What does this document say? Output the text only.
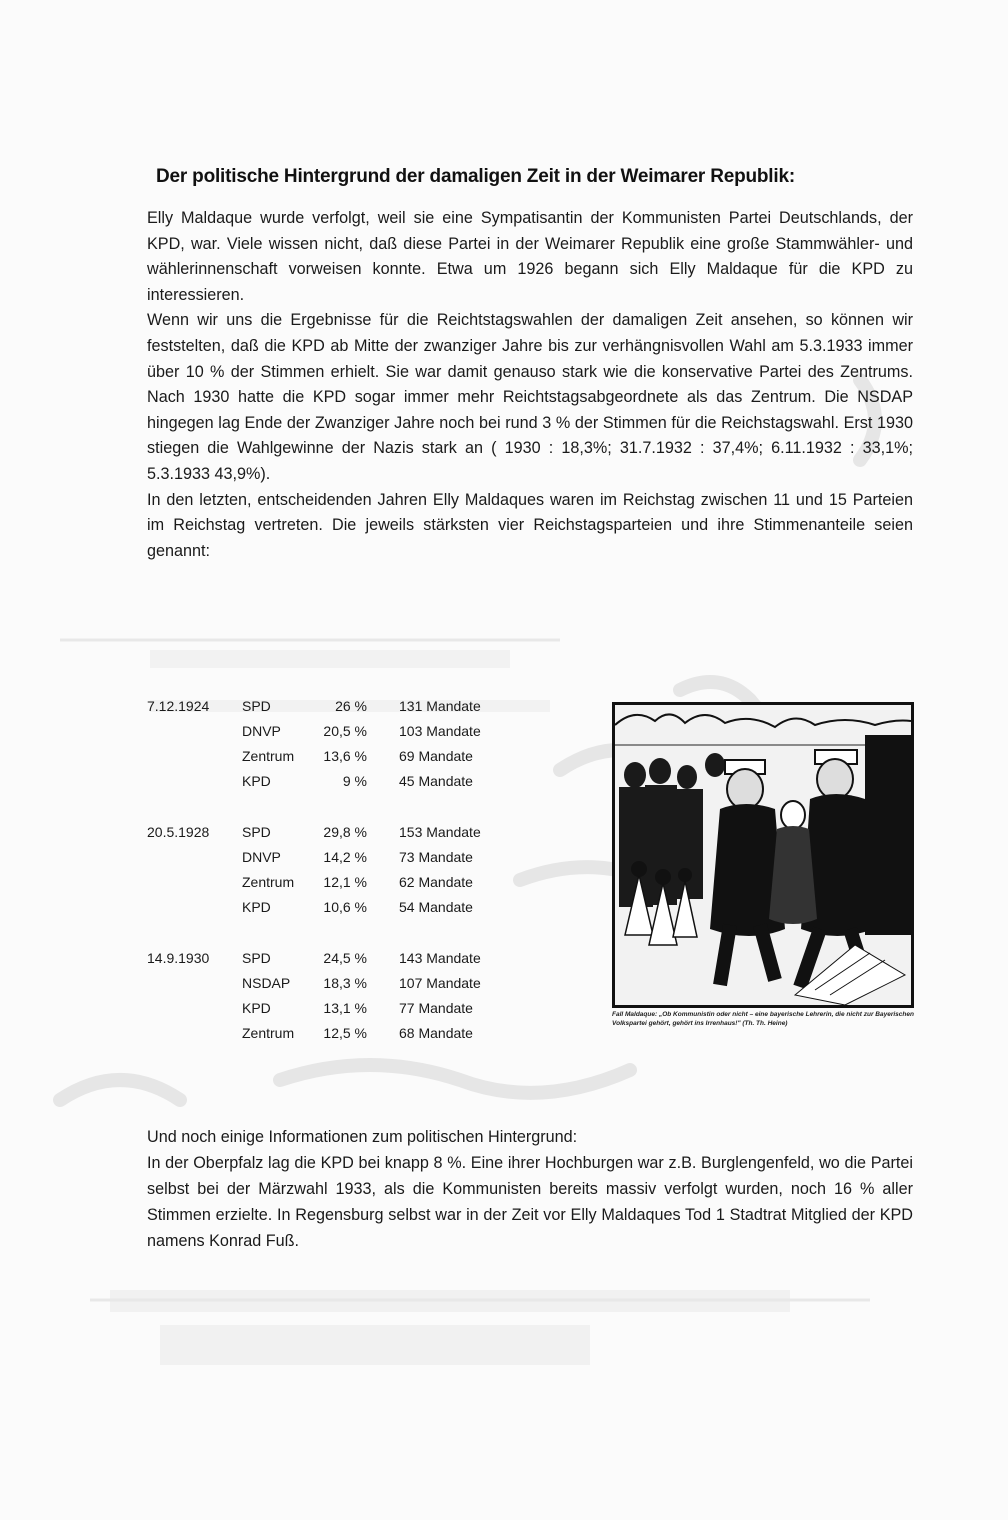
Der politische Hintergrund der damaligen Zeit in der Weimarer Republik:
Elly Maldaque wurde verfolgt, weil sie eine Sympatisantin der Kommunisten Partei Deutschlands, der KPD, war. Viele wissen nicht, daß diese Partei in der Weimarer Republik eine große Stammwähler- und wählerinnenschaft vorweisen konnte. Etwa um 1926 begann sich Elly Maldaque für die KPD zu interessieren.
Wenn wir uns die Ergebnisse für die Reichtstagswahlen der damaligen Zeit ansehen, so können wir feststelten, daß die KPD ab Mitte der zwanziger Jahre bis zur verhängnisvollen Wahl am 5.3.1933 immer über 10 % der Stimmen erhielt. Sie war damit genauso stark wie die konservative Partei des Zentrums. Nach 1930 hatte die KPD sogar immer mehr Reichtstagsabgeordnete als das Zentrum. Die NSDAP hingegen lag Ende der Zwanziger Jahre noch bei rund 3 % der Stimmen für die Reichstagswahl. Erst 1930 stiegen die Wahlgewinne der Nazis stark an ( 1930 : 18,3%; 31.7.1932 : 37,4%; 6.11.1932 : 33,1%; 5.3.1933 43,9%).
In den letzten, entscheidenden Jahren Elly Maldaques waren im Reichstag zwischen 11 und 15 Parteien im Reichstag vertreten. Die jeweils stärksten vier Reichstagsparteien und ihre Stimmenanteile seien genannt:
7.12.1924	SPD	26 %	131 Mandate
DNVP	20,5 %	103 Mandate
Zentrum	13,6 %	69 Mandate
KPD	9 %	45 Mandate
20.5.1928	SPD	29,8 %	153 Mandate
DNVP	14,2 %	73 Mandate
Zentrum	12,1 %	62 Mandate
KPD	10,6 %	54 Mandate
14.9.1930	SPD	24,5 %	143 Mandate
NSDAP	18,3 %	107 Mandate
KPD	13,1 %	77 Mandate
Zentrum	12,5 %	68 Mandate
Fall Maldaque: „Ob Kommunistin oder nicht – eine bayerische Lehrerin, die nicht zur Bayerischen Volkspartei gehört, gehört ins Irrenhaus!" (Th. Th. Heine)
Und noch einige Informationen zum politischen Hintergrund:
In der Oberpfalz lag die KPD bei knapp 8 %. Eine ihrer Hochburgen war z.B. Burglengenfeld, wo die Partei selbst bei der Märzwahl 1933, als die Kommunisten bereits massiv verfolgt wurden, noch 16 % aller Stimmen erzielte. In Regensburg selbst war in der Zeit vor Elly Maldaques Tod 1 Stadtrat Mitglied der KPD namens Konrad Fuß.
